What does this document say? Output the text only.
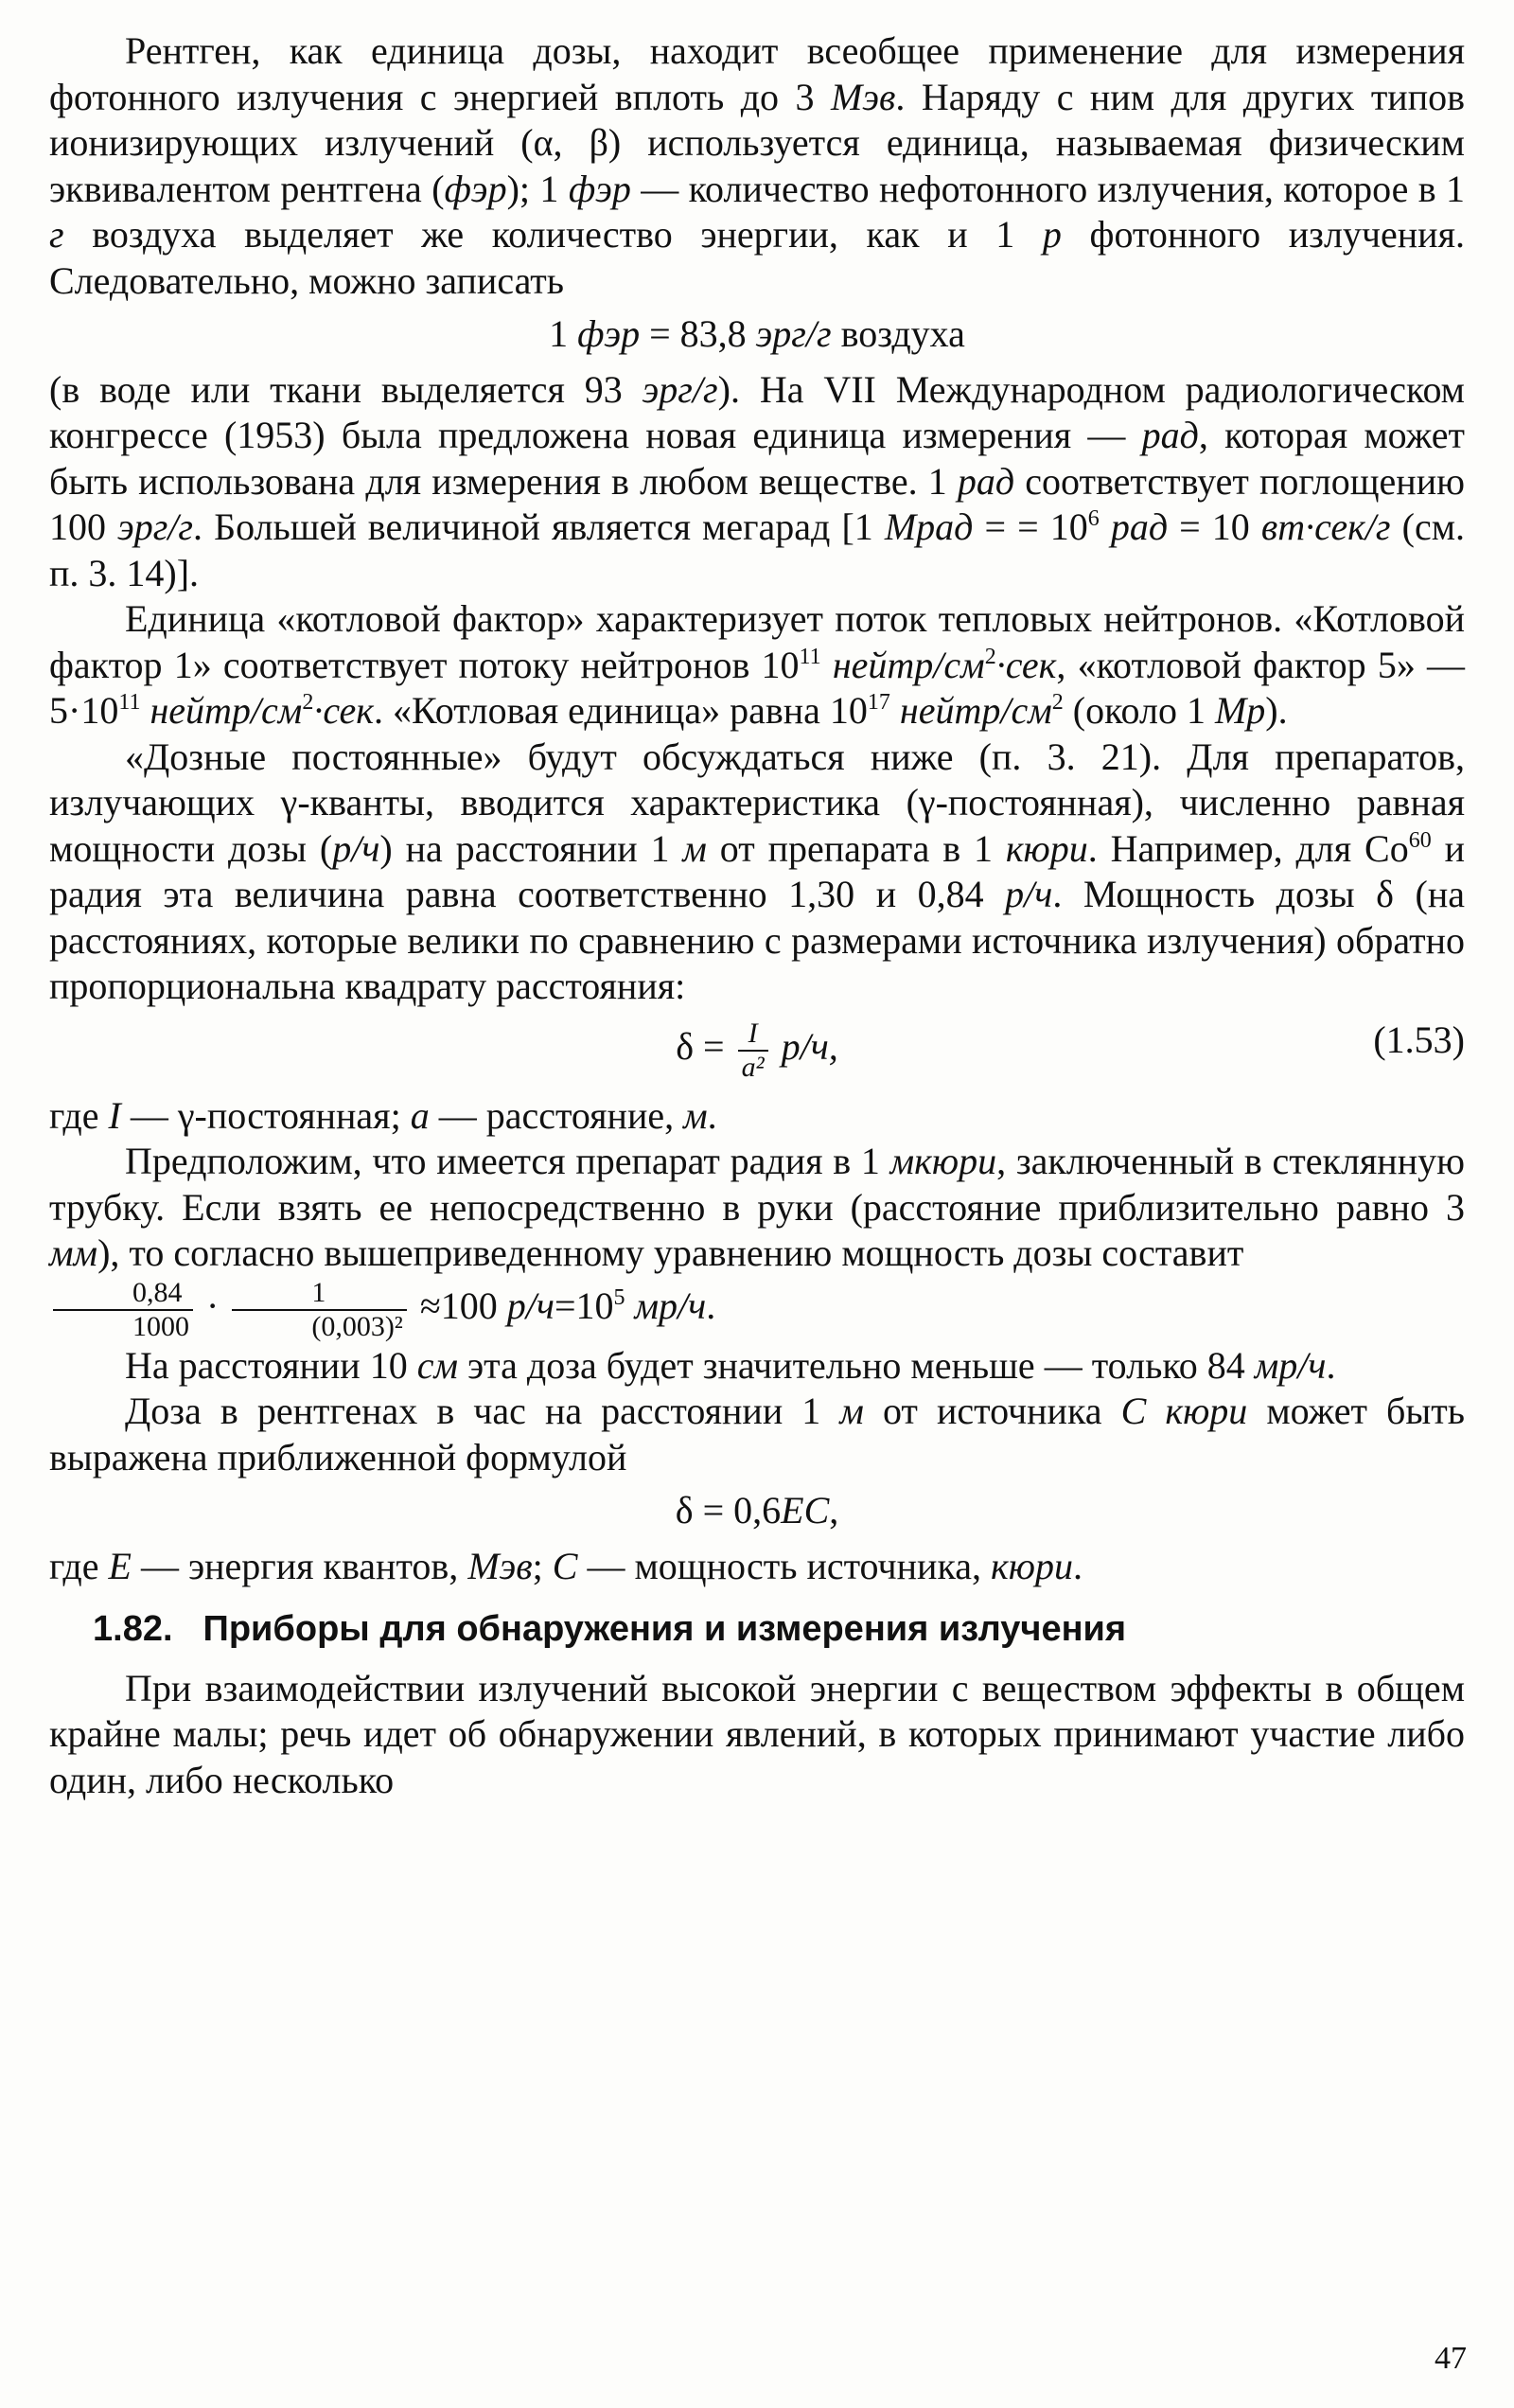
Рентген, как единица дозы, находит всеобщее применение для измерения фотонного излучения с энергией вплоть до 3 Мэв. Наряду с ним для других типов ионизирующих излучений (α, β) используется единица, называемая физическим эквивалентом рентгена (фэр); 1 фэр — количество нефотонного излучения, которое в 1 г воздуха выделяет же количество энергии, как и 1 р фотонного излучения. Следовательно, можно записать

1 фэр = 83,8 эрг/г воздуха

(в воде или ткани выделяется 93 эрг/г). На VII Международном радиологическом конгрессе (1953) была предложена новая единица измерения — рад, которая может быть использована для измерения в любом веществе. 1 рад соответствует поглощению 100 эрг/г. Большей величиной является мегарад [1 Мрад = = $10^6$ рад = 10 вт·сек/г (см. п. 3. 14)].

Единица «котловой фактор» характеризует поток тепловых нейтронов. «Котловой фактор 1» соответствует потоку нейтронов $10^{11}$ нейтр/$см^2\cdot сек$, «котловой фактор 5» — $5\cdot 10^{11}$ нейтр/$см^2\cdot сек$. «Котловая единица» равна $10^{17}$ нейтр/$см^2$ (около 1 Мр).

«Дозные постоянные» будут обсуждаться ниже (п. 3. 21). Для препаратов, излучающих γ-кванты, вводится характеристика (γ-постоянная), численно равная мощности дозы (р/ч) на расстоянии 1 м от препарата в 1 кюри. Например, для Co$^{60}$ и радия эта величина равна соответственно 1,30 и 0,84 р/ч. Мощность дозы δ (на расстояниях, которые велики по сравнению с размерами источника излучения) обратно пропорциональна квадрату расстояния:

$\delta = \frac{I}{\text{a²}} р/ч$,	(1.53)

где I — γ-постоянная; a — расстояние, м.

Предположим, что имеется препарат радия в 1 мкюри, заключенный в стеклянную трубку. Если взять ее непосредственно в руки (расстояние приблизительно равно 3 мм), то согласно вышеприведенному уравнению мощность дозы составит

$\frac{0,84}{1000} \cdot \frac{1}{\text{(0,003)²}} \approx 100$ $р/ч=10^5$ мр/ч.

На расстоянии 10 см эта доза будет значительно меньше — только 84 мр/ч.

Доза в рентгенах в час на расстоянии 1 м от источника C кюри может быть выражена приближенной формулой

δ = 0,6EC,

где E — энергия квантов, Мэв; C — мощность источника, кюри.

1.82. Приборы для обнаружения и измерения излучения

При взаимодействии излучений высокой энергии с веществом эффекты в общем крайне малы; речь идет об обнаружении явлений, в которых принимают участие либо один, либо несколько

47
